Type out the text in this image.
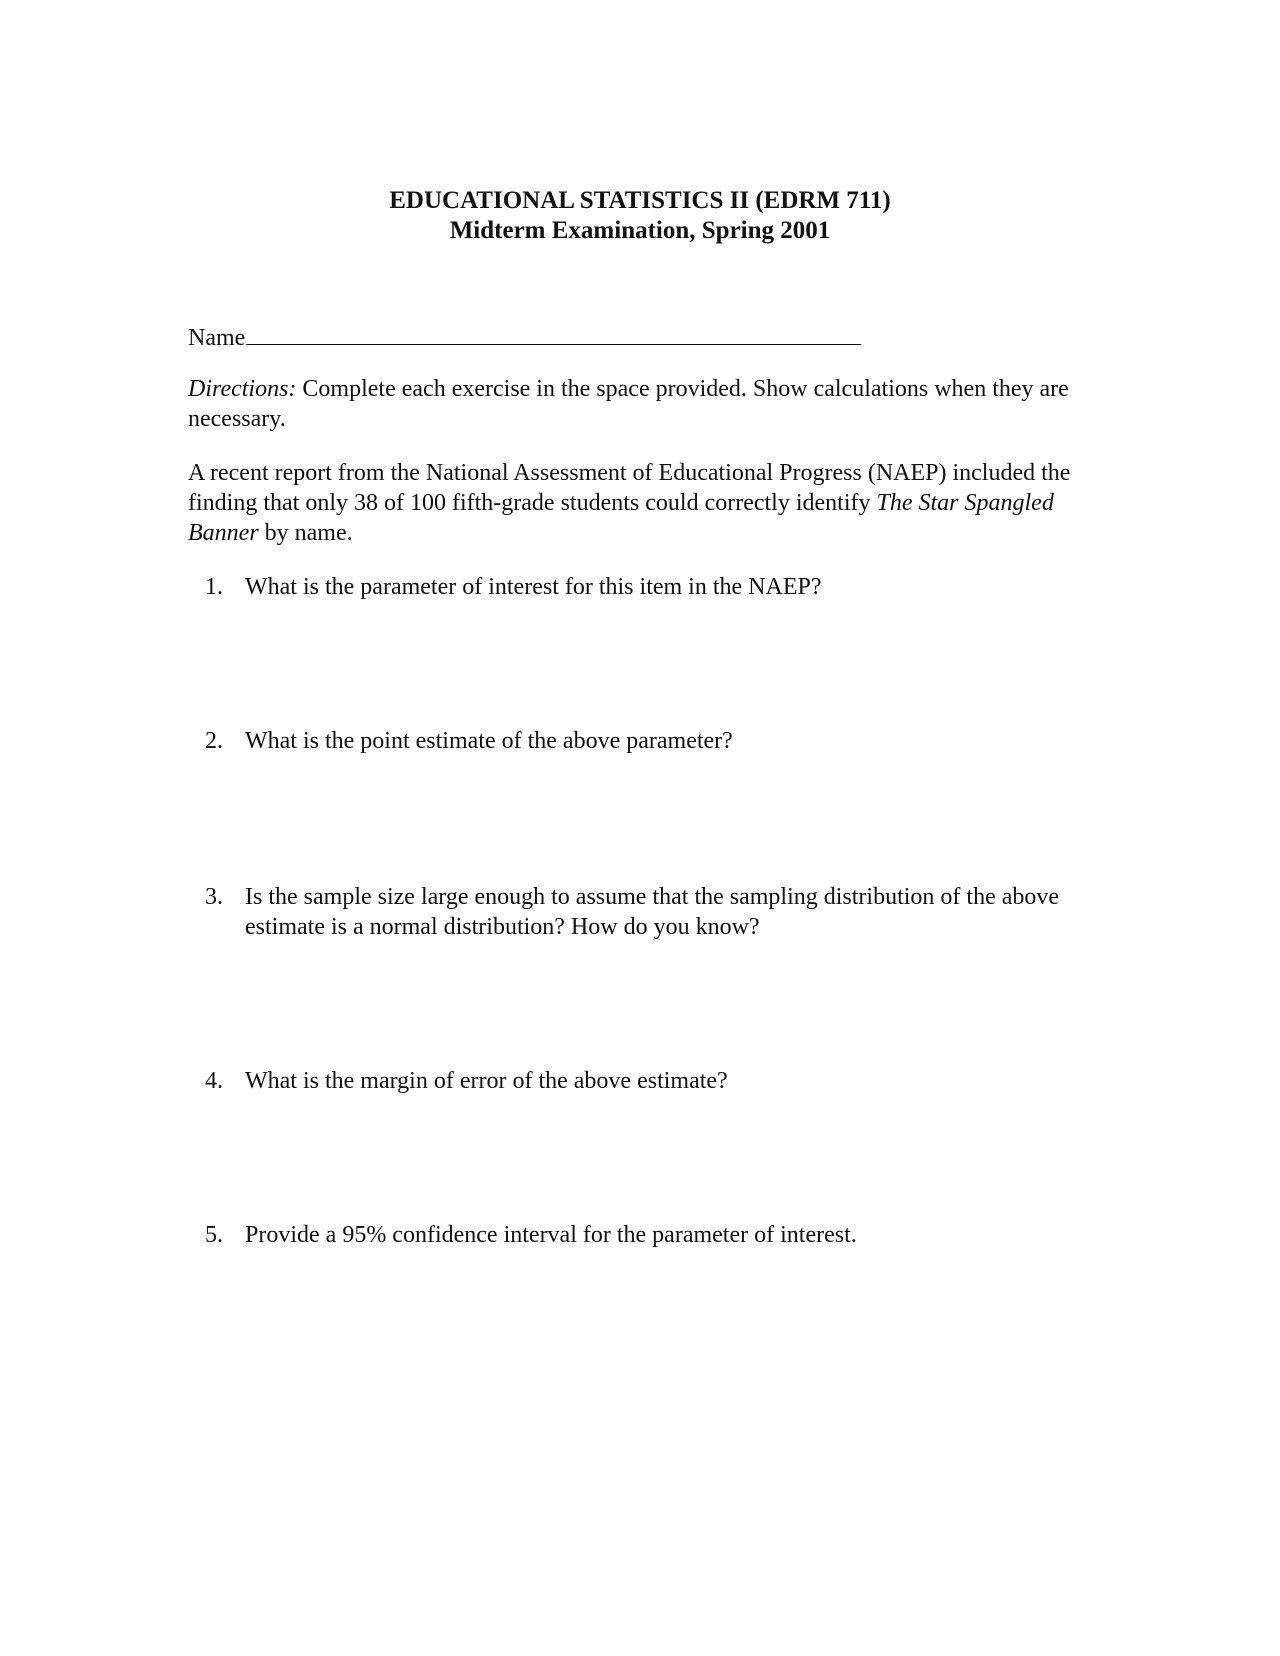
EDUCATIONAL STATISTICS II (EDRM 711)
Midterm Examination, Spring 2001
Name
Directions: Complete each exercise in the space provided. Show calculations when they are necessary.
A recent report from the National Assessment of Educational Progress (NAEP) included the finding that only 38 of 100 fifth-grade students could correctly identify The Star Spangled Banner by name.
1. What is the parameter of interest for this item in the NAEP?
2. What is the point estimate of the above parameter?
3. Is the sample size large enough to assume that the sampling distribution of the above estimate is a normal distribution? How do you know?
4. What is the margin of error of the above estimate?
5. Provide a 95% confidence interval for the parameter of interest.
